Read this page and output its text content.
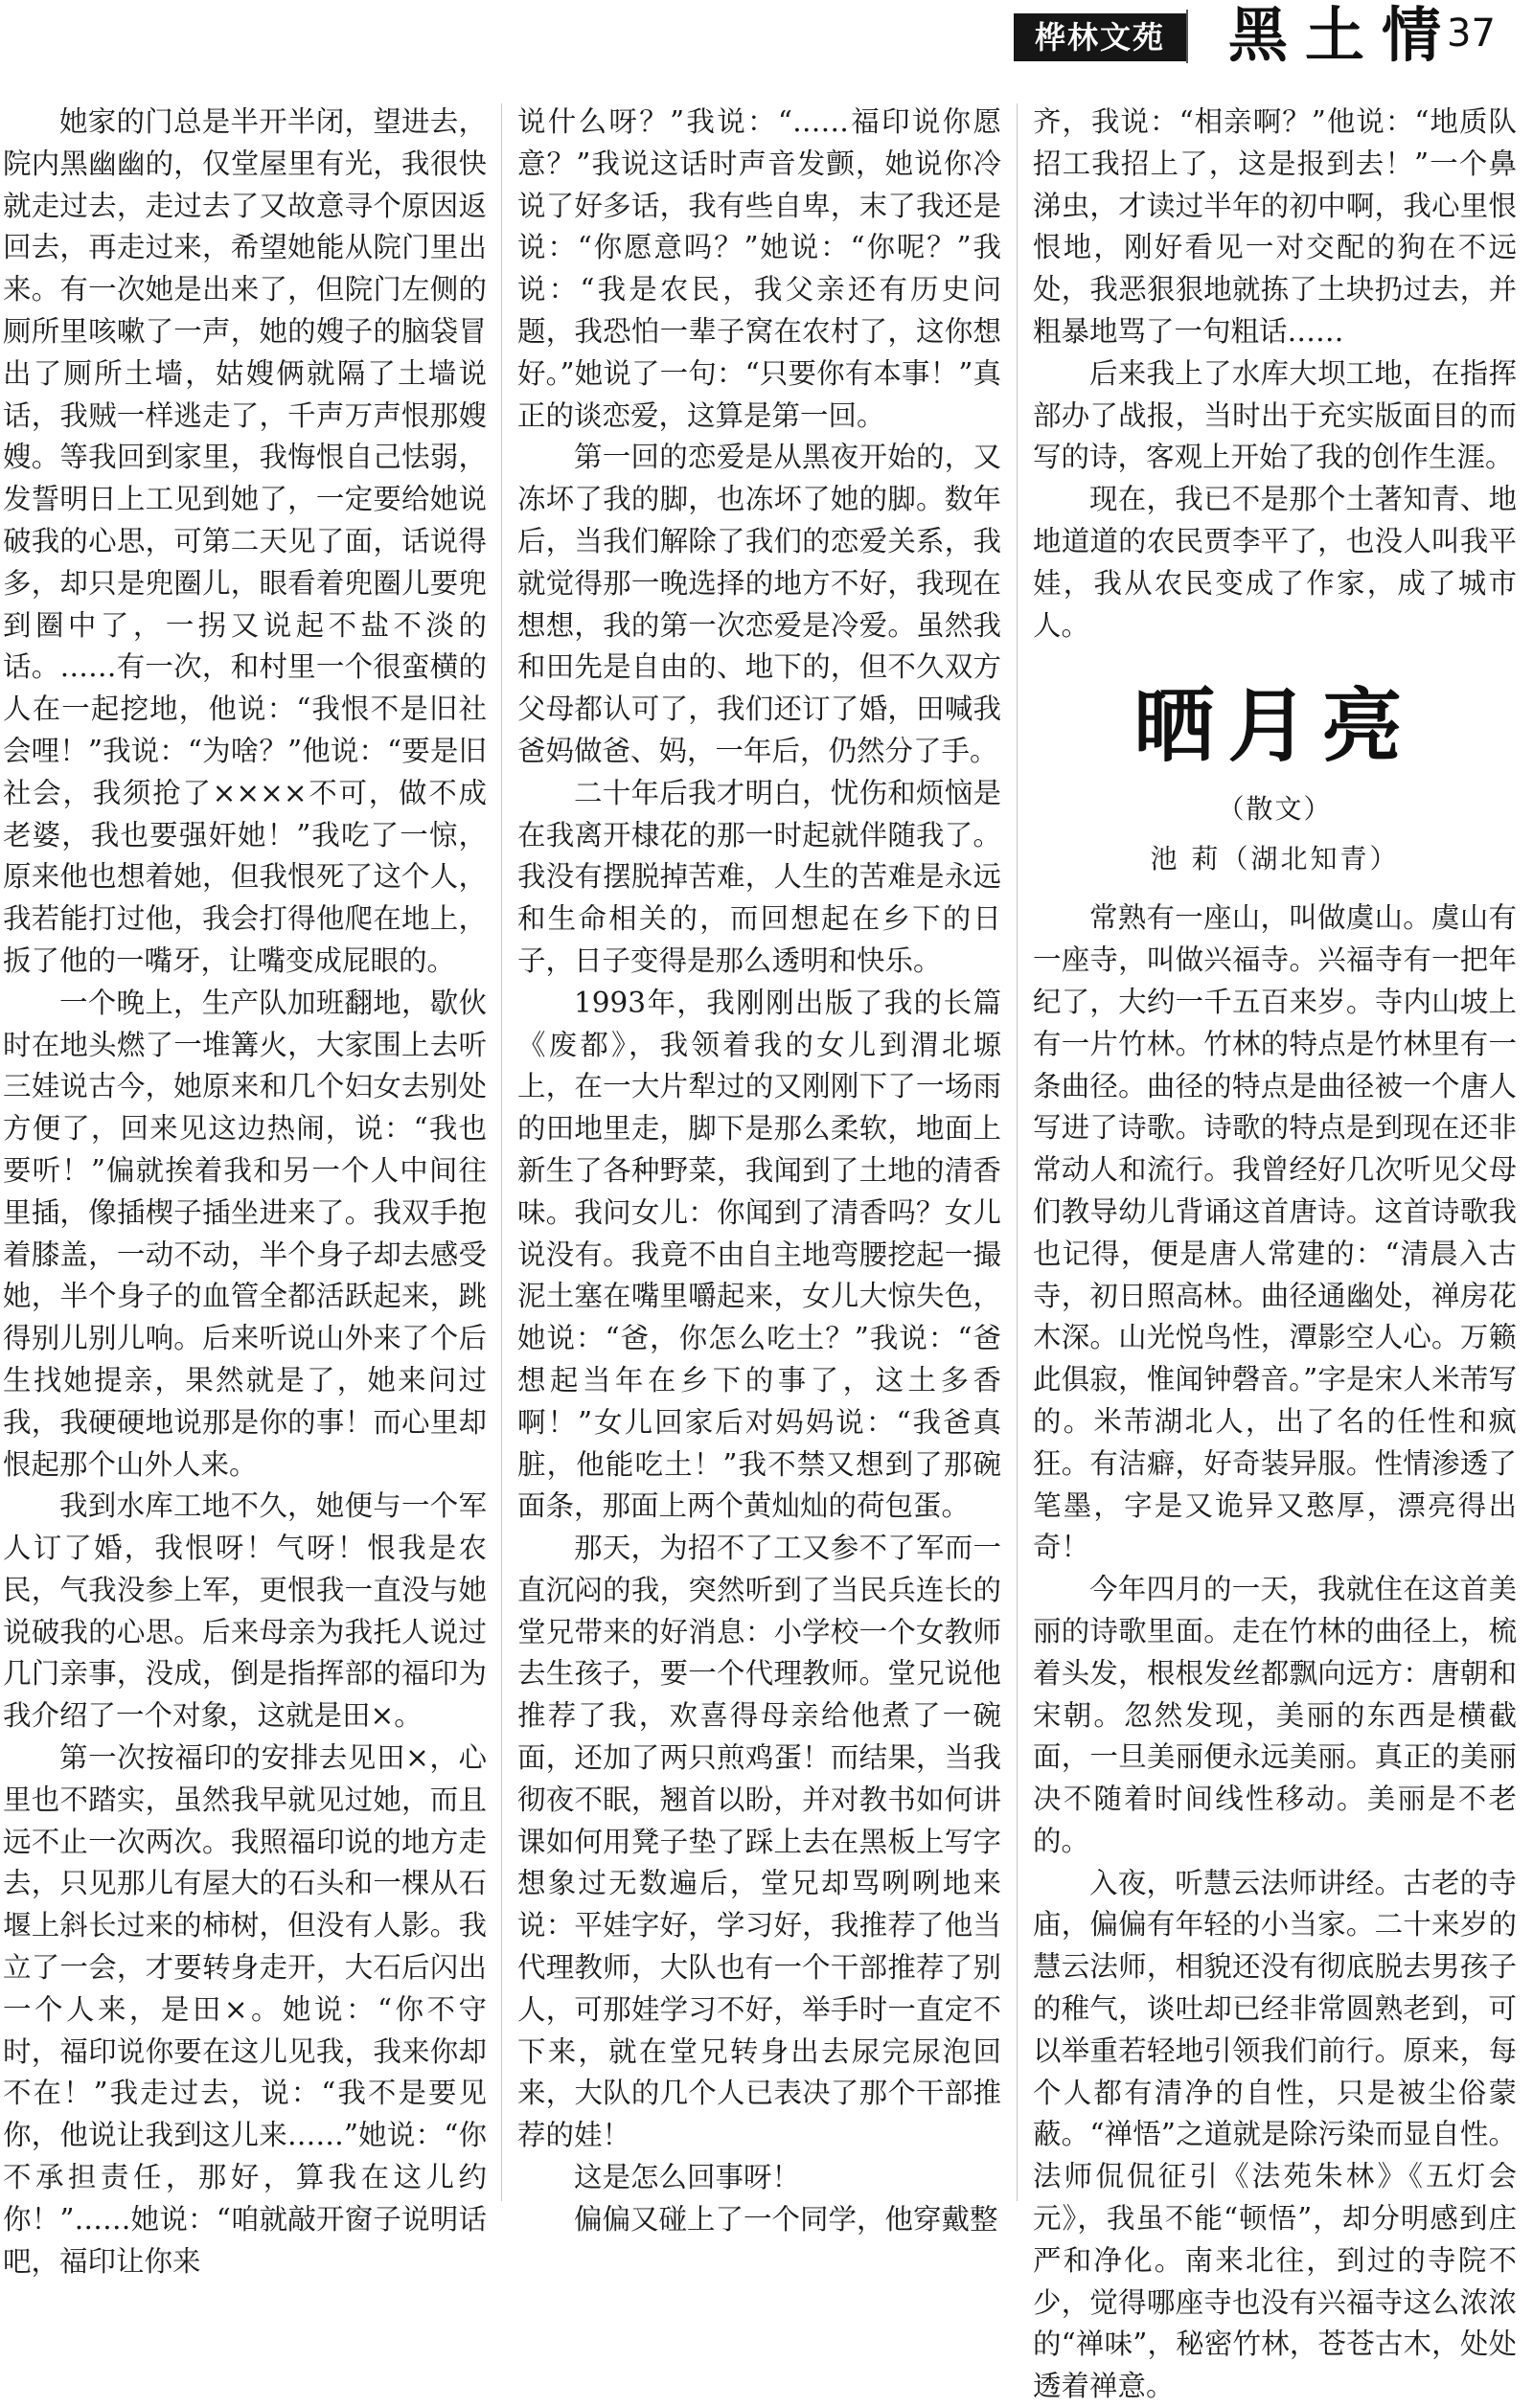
桦林文苑	黑土情
37

她家的门总是半开半闭，望进去，院内黑幽幽的，仅堂屋里有光，我很快就走过去，走过去了又故意寻个原因返回去，再走过来，希望她能从院门里出来。有一次她是出来了，但院门左侧的厕所里咳嗽了一声，她的嫂子的脑袋冒出了厕所土墙，姑嫂俩就隔了土墙说话，我贼一样逃走了，千声万声恨那嫂嫂。等我回到家里，我悔恨自己怯弱，发誓明日上工见到她了，一定要给她说破我的心思，可第二天见了面，话说得多，却只是兜圈儿，眼看着兜圈儿要兜到圈中了，一拐又说起不盐不淡的话。……有一次，和村里一个很蛮横的人在一起挖地，他说：“我恨不是旧社会哩！”我说：“为啥？”他说：“要是旧社会，我须抢了××××不可，做不成老婆，我也要强奸她！”我吃了一惊，原来他也想着她，但我恨死了这个人，我若能打过他，我会打得他爬在地上，扳了他的一嘴牙，让嘴变成屁眼的。

一个晚上，生产队加班翻地，歇伙时在地头燃了一堆篝火，大家围上去听三娃说古今，她原来和几个妇女去别处方便了，回来见这边热闹，说：“我也要听！”偏就挨着我和另一个人中间往里插，像插楔子插坐进来了。我双手抱着膝盖，一动不动，半个身子却去感受她，半个身子的血管全都活跃起来，跳得别儿别儿响。后来听说山外来了个后生找她提亲，果然就是了，她来问过我，我硬硬地说那是你的事！而心里却恨起那个山外人来。

我到水库工地不久，她便与一个军人订了婚，我恨呀！气呀！恨我是农民，气我没参上军，更恨我一直没与她说破我的心思。后来母亲为我托人说过几门亲事，没成，倒是指挥部的福印为我介绍了一个对象，这就是田×。

第一次按福印的安排去见田×，心里也不踏实，虽然我早就见过她，而且远不止一次两次。我照福印说的地方走去，只见那儿有屋大的石头和一棵从石堰上斜长过来的柿树，但没有人影。我立了一会，才要转身走开，大石后闪出一个人来，是田×。她说：“你不守时，福印说你要在这儿见我，我来你却不在！”我走过去，说：“我不是要见你，他说让我到这儿来……”她说：“你不承担责任，那好，算我在这儿约你！”……她说：“咱就敲开窗子说明话吧，福印让你来

说什么呀？”我说：“……福印说你愿意？”我说这话时声音发颤，她说你冷说了好多话，我有些自卑，末了我还是说：“你愿意吗？”她说：“你呢？”我说：“我是农民，我父亲还有历史问题，我恐怕一辈子窝在农村了，这你想好。”她说了一句：“只要你有本事！”真正的谈恋爱，这算是第一回。

第一回的恋爱是从黑夜开始的，又冻坏了我的脚，也冻坏了她的脚。数年后，当我们解除了我们的恋爱关系，我就觉得那一晚选择的地方不好，我现在想想，我的第一次恋爱是冷爱。虽然我和田先是自由的、地下的，但不久双方父母都认可了，我们还订了婚，田喊我爸妈做爸、妈，一年后，仍然分了手。

二十年后我才明白，忧伤和烦恼是在我离开棣花的那一时起就伴随我了。我没有摆脱掉苦难，人生的苦难是永远和生命相关的，而回想起在乡下的日子，日子变得是那么透明和快乐。

1993年，我刚刚出版了我的长篇《废都》，我领着我的女儿到渭北塬上，在一大片犁过的又刚刚下了一场雨的田地里走，脚下是那么柔软，地面上新生了各种野菜，我闻到了土地的清香味。我问女儿：你闻到了清香吗？女儿说没有。我竟不由自主地弯腰挖起一撮泥土塞在嘴里嚼起来，女儿大惊失色，她说：“爸，你怎么吃土？”我说：“爸想起当年在乡下的事了，这土多香啊！”女儿回家后对妈妈说：“我爸真脏，他能吃土！”我不禁又想到了那碗面条，那面上两个黄灿灿的荷包蛋。

那天，为招不了工又参不了军而一直沉闷的我，突然听到了当民兵连长的堂兄带来的好消息：小学校一个女教师去生孩子，要一个代理教师。堂兄说他推荐了我，欢喜得母亲给他煮了一碗面，还加了两只煎鸡蛋！而结果，当我彻夜不眠，翘首以盼，并对教书如何讲课如何用凳子垫了踩上去在黑板上写字想象过无数遍后，堂兄却骂咧咧地来说：平娃字好，学习好，我推荐了他当代理教师，大队也有一个干部推荐了别人，可那娃学习不好，举手时一直定不下来，就在堂兄转身出去尿完尿泡回来，大队的几个人已表决了那个干部推荐的娃！

这是怎么回事呀！

偏偏又碰上了一个同学，他穿戴整

齐，我说：“相亲啊？”他说：“地质队招工我招上了，这是报到去！”一个鼻涕虫，才读过半年的初中啊，我心里恨恨地，刚好看见一对交配的狗在不远处，我恶狠狠地就拣了土块扔过去，并粗暴地骂了一句粗话……

后来我上了水库大坝工地，在指挥部办了战报，当时出于充实版面目的而写的诗，客观上开始了我的创作生涯。

现在，我已不是那个土著知青、地地道道的农民贾李平了，也没人叫我平娃，我从农民变成了作家，成了城市人。

晒月亮
（散文）
池 莉（湖北知青）

常熟有一座山，叫做虞山。虞山有一座寺，叫做兴福寺。兴福寺有一把年纪了，大约一千五百来岁。寺内山坡上有一片竹林。竹林的特点是竹林里有一条曲径。曲径的特点是曲径被一个唐人写进了诗歌。诗歌的特点是到现在还非常动人和流行。我曾经好几次听见父母们教导幼儿背诵这首唐诗。这首诗歌我也记得，便是唐人常建的：“清晨入古寺，初日照高林。曲径通幽处，禅房花木深。山光悦鸟性，潭影空人心。万籁此俱寂，惟闻钟磬音。”字是宋人米芾写的。米芾湖北人，出了名的任性和疯狂。有洁癖，好奇装异服。性情渗透了笔墨，字是又诡异又憨厚，漂亮得出奇！

今年四月的一天，我就住在这首美丽的诗歌里面。走在竹林的曲径上，梳着头发，根根发丝都飘向远方：唐朝和宋朝。忽然发现，美丽的东西是横截面，一旦美丽便永远美丽。真正的美丽决不随着时间线性移动。美丽是不老的。

入夜，听慧云法师讲经。古老的寺庙，偏偏有年轻的小当家。二十来岁的慧云法师，相貌还没有彻底脱去男孩子的稚气，谈吐却已经非常圆熟老到，可以举重若轻地引领我们前行。原来，每个人都有清净的自性，只是被尘俗蒙蔽。“禅悟”之道就是除污染而显自性。法师侃侃征引《法苑朱林》《五灯会元》，我虽不能“顿悟”，却分明感到庄严和净化。南来北往，到过的寺院不少，觉得哪座寺也没有兴福寺这么浓浓的“禅味”，秘密竹林，苍苍古木，处处透着禅意。
